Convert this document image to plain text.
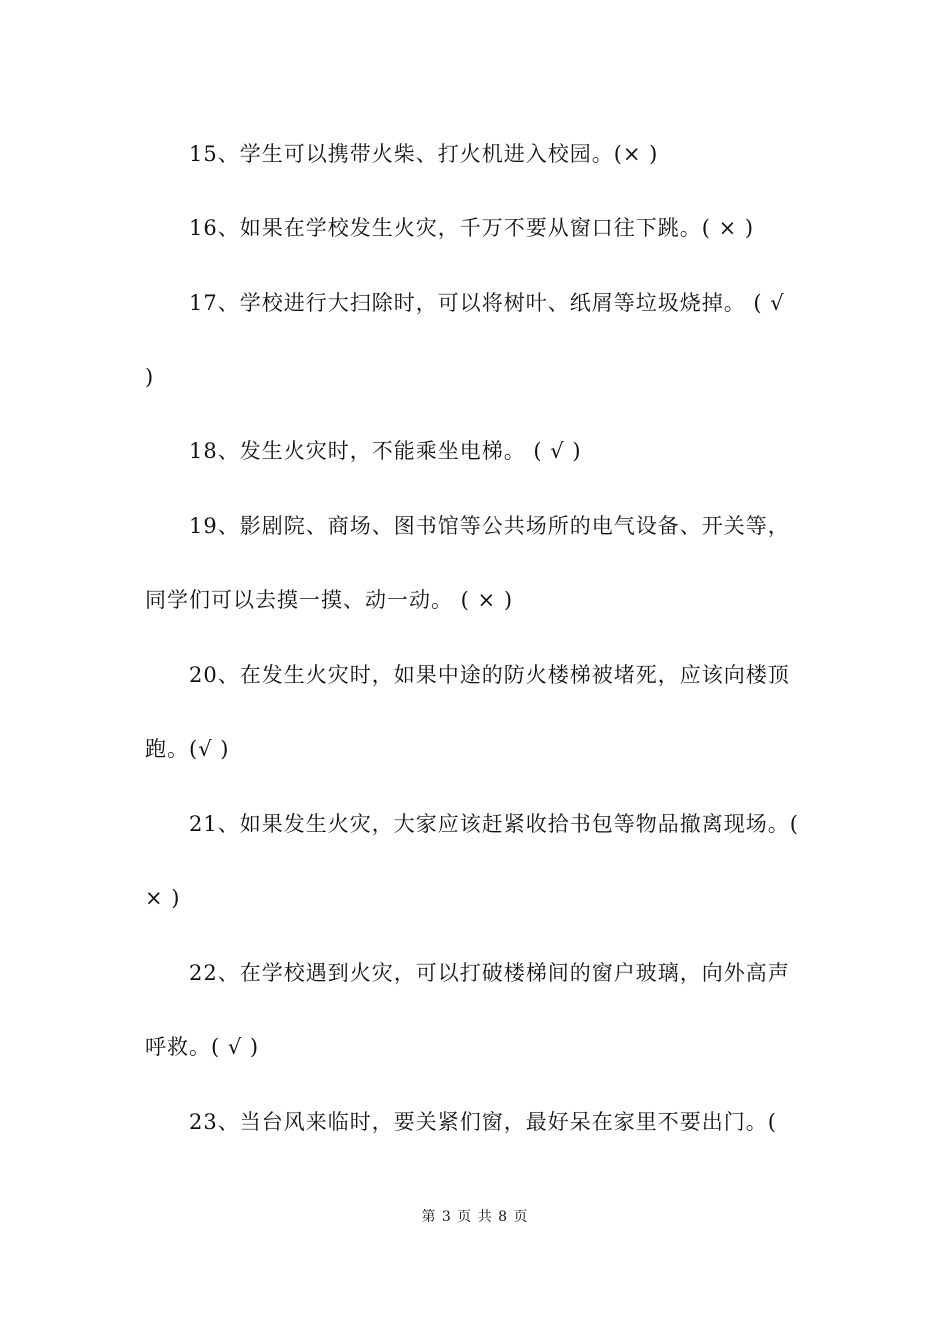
15、学生可以携带火柴、打火机进入校园。(× )
16、如果在学校发生火灾，千万不要从窗口往下跳。( × )
17、学校进行大扫除时，可以将树叶、纸屑等垃圾烧掉。 ( √
)
18、发生火灾时，不能乘坐电梯。 ( √ )
19、影剧院、商场、图书馆等公共场所的电气设备、开关等，
同学们可以去摸一摸、动一动。 ( × )
20、在发生火灾时，如果中途的防火楼梯被堵死，应该向楼顶
跑。(√ )
21、如果发生火灾，大家应该赶紧收拾书包等物品撤离现场。(
× )
22、在学校遇到火灾，可以打破楼梯间的窗户玻璃，向外高声
呼救。( √ )
23、当台风来临时，要关紧们窗，最好呆在家里不要出门。(
第 3 页 共 8 页
